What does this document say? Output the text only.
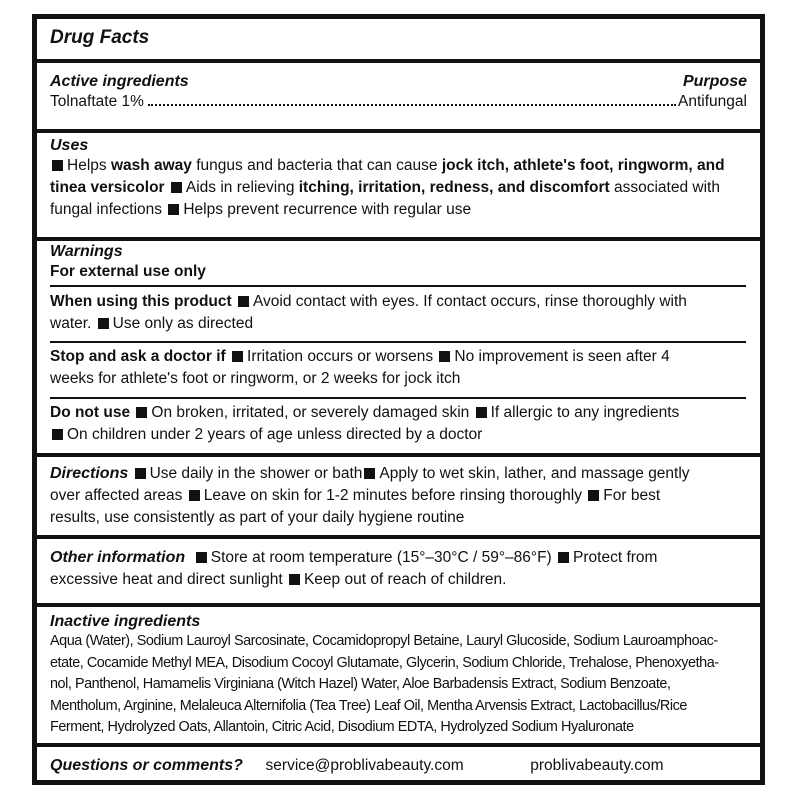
Drug Facts
Active ingredients	Purpose
Tolnaftate 1%	Antifungal
Uses
Helps wash away fungus and bacteria that can cause jock itch, athlete's foot, ringworm, and
tinea versicolor Aids in relieving itching, irritation, redness, and discomfort associated with
fungal infections Helps prevent recurrence with regular use
Warnings
For external use only
When using this product Avoid contact with eyes. If contact occurs, rinse thoroughly with
water. Use only as directed
Stop and ask a doctor if Irritation occurs or worsens No improvement is seen after 4
weeks for athlete's foot or ringworm, or 2 weeks for jock itch
Do not use On broken, irritated, or severely damaged skin If allergic to any ingredients
On children under 2 years of age unless directed by a doctor
Directions Use daily in the shower or bath Apply to wet skin, lather, and massage gently
over affected areas Leave on skin for 1-2 minutes before rinsing thoroughly For best
results, use consistently as part of your daily hygiene routine
Other information Store at room temperature (15°–30°C / 59°–86°F) Protect from
excessive heat and direct sunlight Keep out of reach of children.
Inactive ingredients
Aqua (Water), Sodium Lauroyl Sarcosinate, Cocamidopropyl Betaine, Lauryl Glucoside, Sodium Lauroamphoac-
etate, Cocamide Methyl MEA, Disodium Cocoyl Glutamate, Glycerin, Sodium Chloride, Trehalose, Phenoxyetha-
nol, Panthenol, Hamamelis Virginiana (Witch Hazel) Water, Aloe Barbadensis Extract, Sodium Benzoate,
Mentholum, Arginine, Melaleuca Alternifolia (Tea Tree) Leaf Oil, Mentha Arvensis Extract, Lactobacillus/Rice
Ferment, Hydrolyzed Oats, Allantoin, Citric Acid, Disodium EDTA, Hydrolyzed Sodium Hyaluronate
Questions or comments? service@problivabeauty.com	problivabeauty.com
